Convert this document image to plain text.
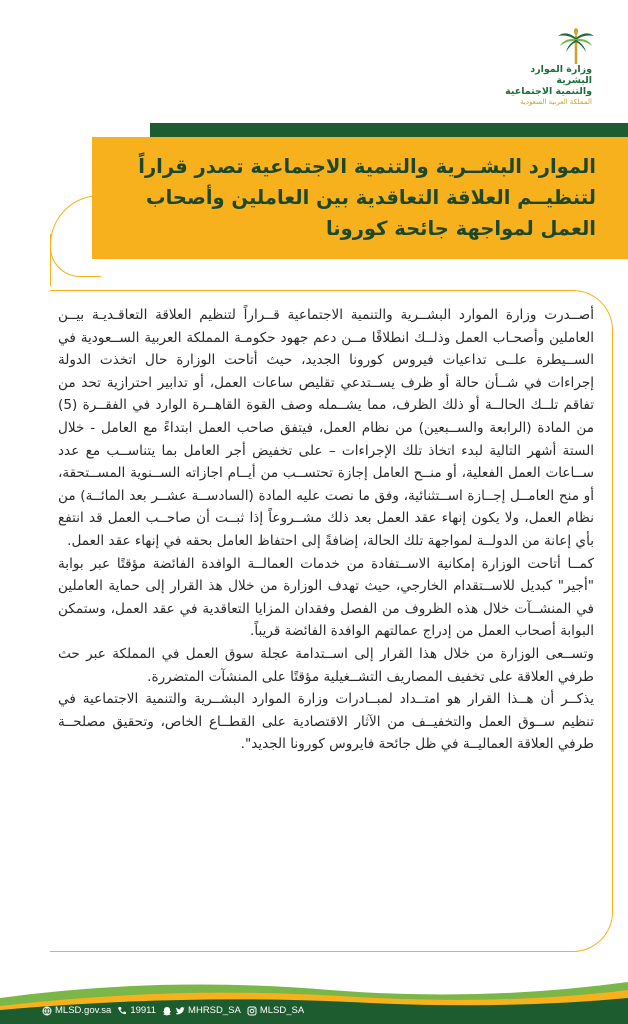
وزارة الموارد البشرية
والتنمية الاجتماعية
المملكة العربية السعودية
الموارد البشــرية والتنمية الاجتماعية تصدر قراراً لتنظيــم العلاقة التعاقدية بين العاملين وأصحاب العمل لمواجهة جائحة كورونا

أصــدرت وزارة الموارد البشــرية والتنمية الاجتماعية قــراراً لتنظيم العلاقة التعاقـديـة بيــن العاملين وأصحـاب العمل وذلــك انطلاقًا مــن دعم جهود حكومـة المملكة العربية الســعودية في الســيطرة علــى تداعيات فيروس كورونا الجديد، حيث أتاحت الوزارة حال اتخذت الدولة إجراءات في شــأن حالة أو ظرف يســتدعي تقليص ساعات العمل، أو تدابير احترازية تحد من تفاقم تلــك الحالــة أو ذلك الظرف، مما يشــمله وصف القوة القاهــرة الوارد في الفقــرة (5) من المادة (الرابعة والســبعين) من نظام العمل، فيتفق صاحب العمل ابتداءً مع العامل - خلال الستة أشهر التالية لبدء اتخاذ تلك الإجراءات – على تخفيض أجر العامل بما يتناســب مع عدد ســاعات العمل الفعلية، أو منــح العامل إجازة تحتســب من أيــام اجازاته الســنوية المســتحقة، أو منح العامــل إجــازة اســتثنائية، وفق ما نصت عليه المادة (السادســة عشــر بعد المائــة) من نظام العمل، ولا يكون إنهاء عقد العمل بعد ذلك مشــروعاً إذا ثبــت أن صاحــب العمل قد انتفع بأي إعانة من الدولــة لمواجهة تلك الحالة، إضافةً إلى احتفاظ العامل بحقه في إنهاء عقد العمل.

كمــا أتاحت الوزارة إمكانية الاســتفادة من خدمات العمالــة الوافدة الفائضة مؤقتًا عبر بوابة "أجير" كبديل للاســتقدام الخارجي، حيث تهدف الوزارة من خلال هذ القرار إلى حماية العاملين في المنشــآت خلال هذه الظروف من الفصل وفقدان المزايا التعاقدية في عقد العمل، وستمكن البوابة أصحاب العمل من إدراج عمالتهم الوافدة الفائضة قريباً.

وتســعى الوزارة من خلال هذا القرار إلى اســتدامة عجلة سوق العمل في المملكة عبر حث طرفي العلاقة على تخفيف المصاريف التشــغيلية مؤقتًا على المنشآت المتضررة.

يذكــر أن هــذا القرار هو امتــداد لمبــادرات وزارة الموارد البشــرية والتنمية الاجتماعية في تنظيم ســوق العمل والتخفيــف من الآثار الاقتصادية على القطــاع الخاص، وتحقيق مصلحــة طرفي العلاقة العماليــة في ظل جائحة فايروس كورونا الجديد".

MLSD.gov.sa 19911	MHRSD_SA MLSD_SA
